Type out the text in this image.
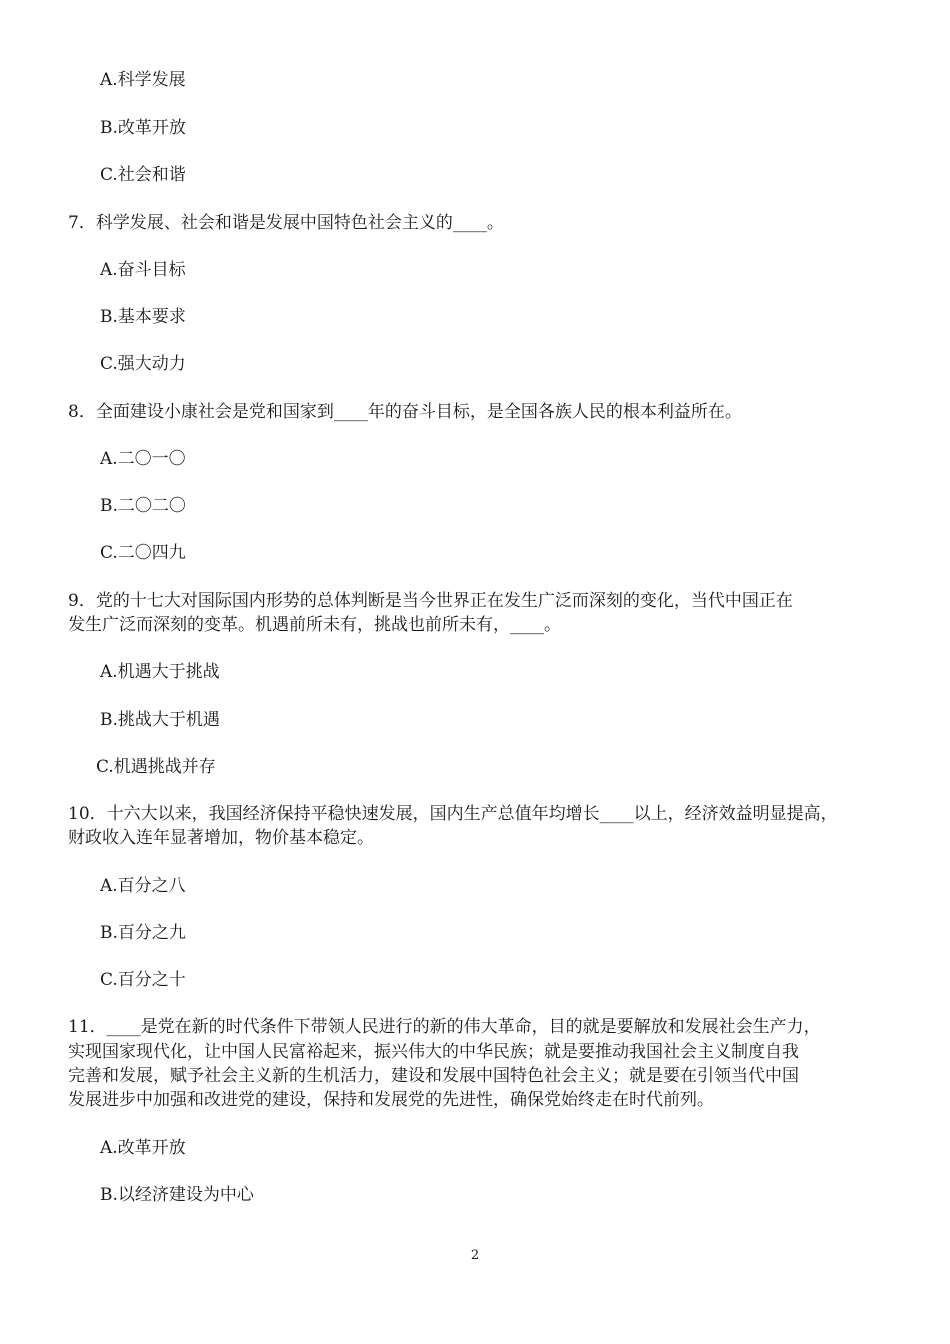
A.科学发展
B.改革开放
C.社会和谐
7．科学发展、社会和谐是发展中国特色社会主义的____。
A.奋斗目标
B.基本要求
C.强大动力
8．全面建设小康社会是党和国家到____年的奋斗目标，是全国各族人民的根本利益所在。
A.二〇一〇
B.二〇二〇
C.二〇四九
9．党的十七大对国际国内形势的总体判断是当今世界正在发生广泛而深刻的变化，当代中国正在
发生广泛而深刻的变革。机遇前所未有，挑战也前所未有，____。
A.机遇大于挑战
B.挑战大于机遇
C.机遇挑战并存
10．十六大以来，我国经济保持平稳快速发展，国内生产总值年均增长____以上，经济效益明显提高，
财政收入连年显著增加，物价基本稳定。
A.百分之八
B.百分之九
C.百分之十
11．____是党在新的时代条件下带领人民进行的新的伟大革命，目的就是要解放和发展社会生产力，
实现国家现代化，让中国人民富裕起来，振兴伟大的中华民族；就是要推动我国社会主义制度自我
完善和发展，赋予社会主义新的生机活力，建设和发展中国特色社会主义；就是要在引领当代中国
发展进步中加强和改进党的建设，保持和发展党的先进性，确保党始终走在时代前列。
A.改革开放
B.以经济建设为中心
2
